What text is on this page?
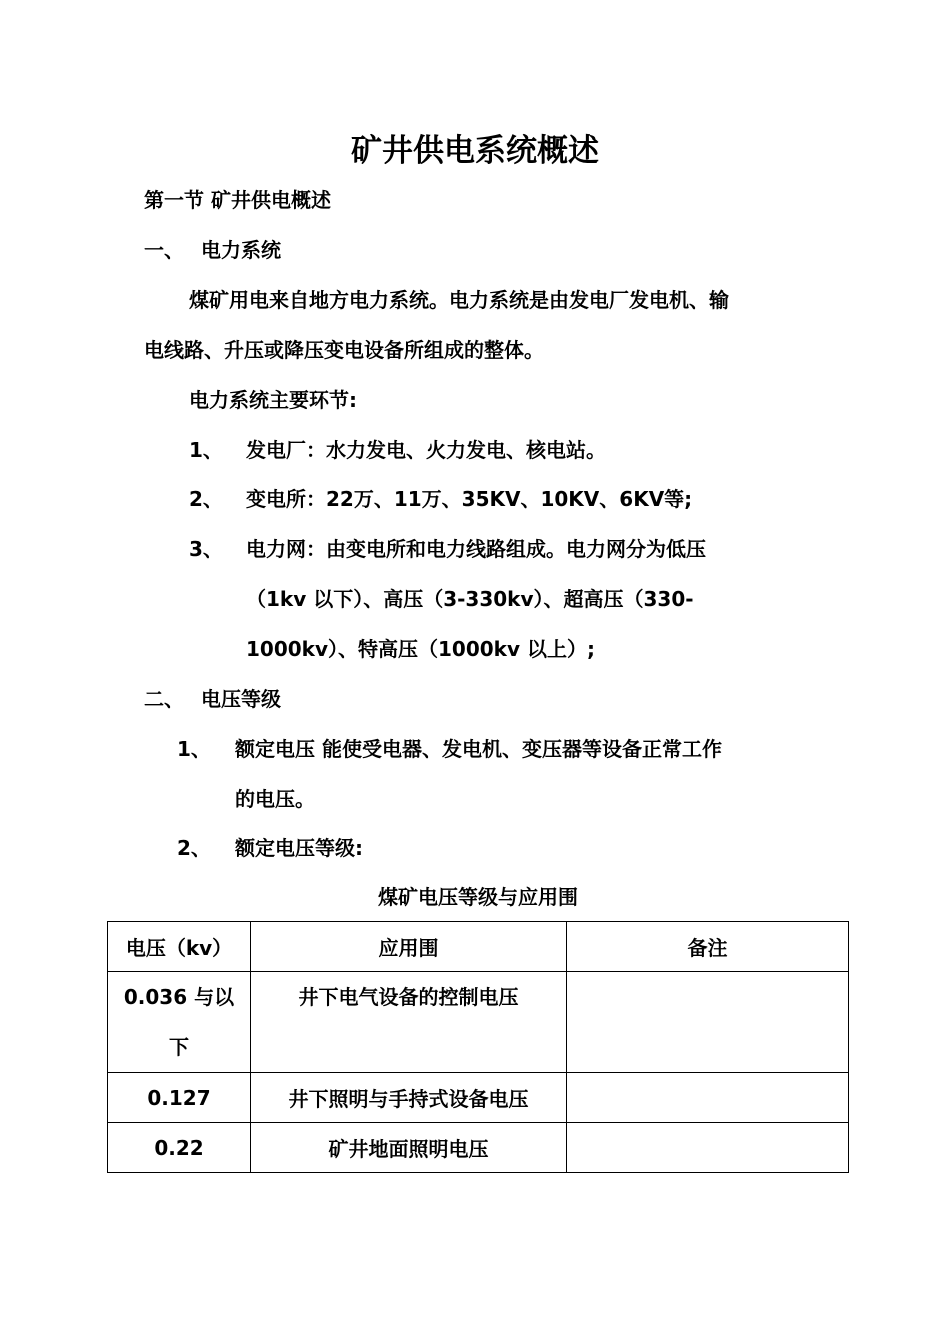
矿井供电系统概述
第一节 矿井供电概述
一、 电力系统
煤矿用电来自地方电力系统。电力系统是由发电厂发电机、输
电线路、升压或降压变电设备所组成的整体。
电力系统主要环节:
1、 发电厂：水力发电、火力发电、核电站。
2、 变电所：22万、11万、35KV、10KV、6KV等;
3、 电力网：由变电所和电力线路组成。电力网分为低压
（1kv 以下）、高压（3-330kv）、超高压（330-
1000kv）、特高压（1000kv 以上）;
二、 电压等级
1、 额定电压 能使受电器、发电机、变压器等设备正常工作
的电压。
2、 额定电压等级:
煤矿电压等级与应用围
电压（kv）	应用围	备注

0.036 与以
下	井下电气设备的控制电压	
0.127	井下照明与手持式设备电压	
0.22	矿井地面照明电压	
